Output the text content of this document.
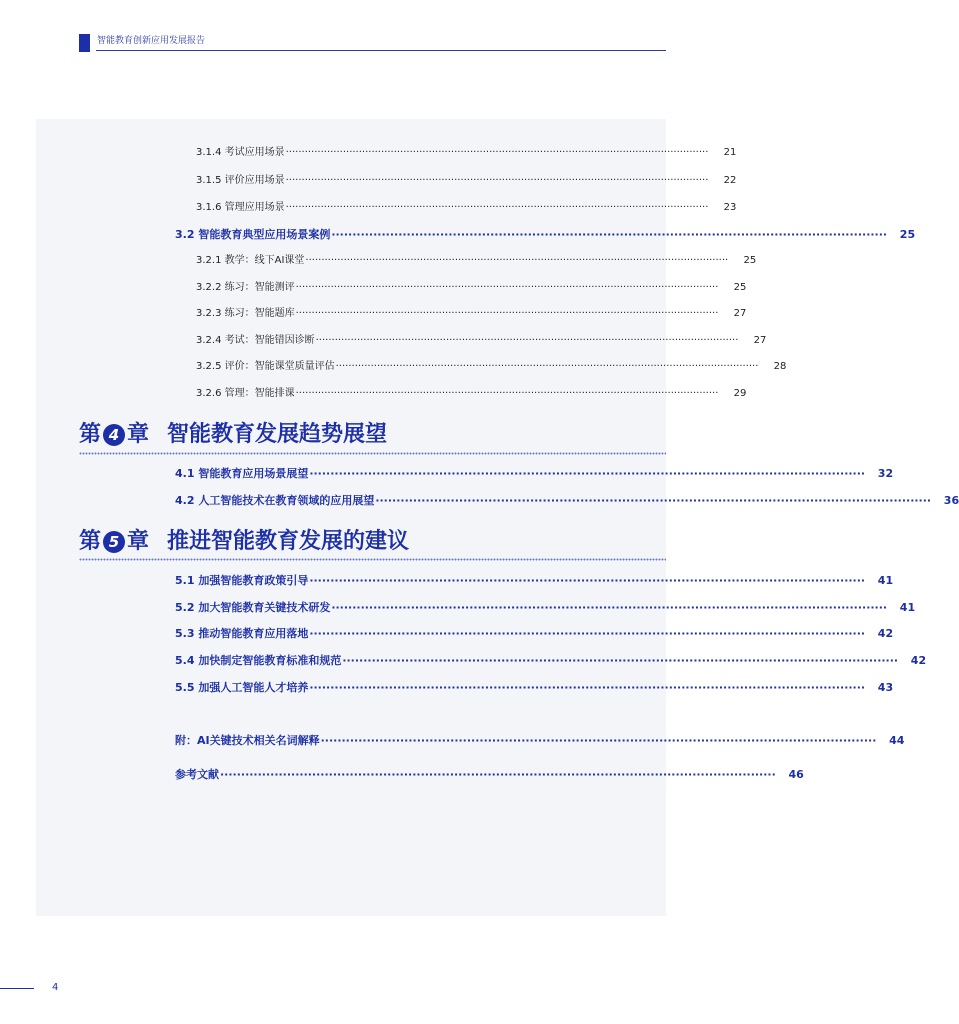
智能教育创新应用发展报告
3.1.4 考试应用场景 ·····································································································································	21
3.1.5 评价应用场景 ·····································································································································	22
3.1.6 管理应用场景 ·····································································································································	23
3.2 智能教育典型应用场景案例 ·····································································································································	25
3.2.1 教学：线下AI课堂 ·····································································································································	25
3.2.2 练习：智能测评 ·····································································································································	25
3.2.3 练习：智能题库 ·····································································································································	27
3.2.4 考试：智能错因诊断 ·····································································································································	27
3.2.5 评价：智能课堂质量评估 ·····································································································································	28
3.2.6 管理：智能排课 ·····································································································································	29
第 4 章 智能教育发展趋势展望
4.1 智能教育应用场景展望 ·····································································································································	32
4.2 人工智能技术在教育领域的应用展望 ·····································································································································	36
第 5 章 推进智能教育发展的建议
5.1 加强智能教育政策引导 ·····································································································································	41
5.2 加大智能教育关键技术研发 ·····································································································································	41
5.3 推动智能教育应用落地 ·····································································································································	42
5.4 加快制定智能教育标准和规范 ·····································································································································	42
5.5 加强人工智能人才培养 ·····································································································································	43
附：AI关键技术相关名词解释 ·····································································································································	44
参考文献 ·····································································································································	46
4
